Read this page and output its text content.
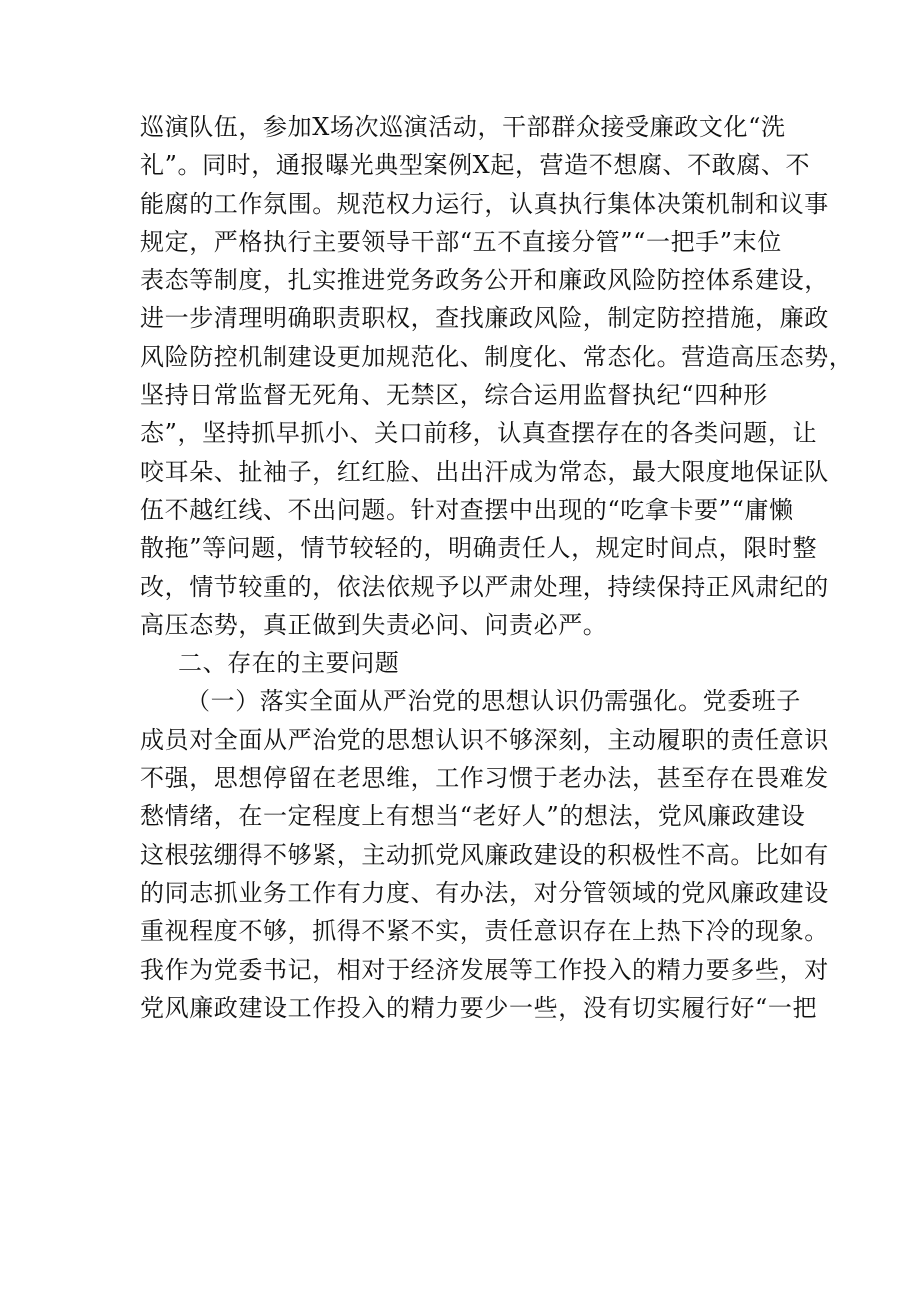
巡演队伍，参加X场次巡演活动，干部群众接受廉政文化“洗
礼”。同时，通报曝光典型案例X起，营造不想腐、不敢腐、不
能腐的工作氛围。规范权力运行，认真执行集体决策机制和议事
规定，严格执行主要领导干部“五不直接分管”“一把手”末位
表态等制度，扎实推进党务政务公开和廉政风险防控体系建设，
进一步清理明确职责职权，查找廉政风险，制定防控措施，廉政
风险防控机制建设更加规范化、制度化、常态化。营造高压态势，
坚持日常监督无死角、无禁区，综合运用监督执纪“四种形
态”，坚持抓早抓小、关口前移，认真查摆存在的各类问题，让
咬耳朵、扯袖子，红红脸、出出汗成为常态，最大限度地保证队
伍不越红线、不出问题。针对查摆中出现的“吃拿卡要”“庸懒
散拖”等问题，情节较轻的，明确责任人，规定时间点，限时整
改，情节较重的，依法依规予以严肃处理，持续保持正风肃纪的
高压态势，真正做到失责必问、问责必严。
二、存在的主要问题
（一）落实全面从严治党的思想认识仍需强化。党委班子
成员对全面从严治党的思想认识不够深刻，主动履职的责任意识
不强，思想停留在老思维，工作习惯于老办法，甚至存在畏难发
愁情绪，在一定程度上有想当“老好人”的想法，党风廉政建设
这根弦绷得不够紧，主动抓党风廉政建设的积极性不高。比如有
的同志抓业务工作有力度、有办法，对分管领域的党风廉政建设
重视程度不够，抓得不紧不实，责任意识存在上热下冷的现象。
我作为党委书记，相对于经济发展等工作投入的精力要多些，对
党风廉政建设工作投入的精力要少一些，没有切实履行好“一把
